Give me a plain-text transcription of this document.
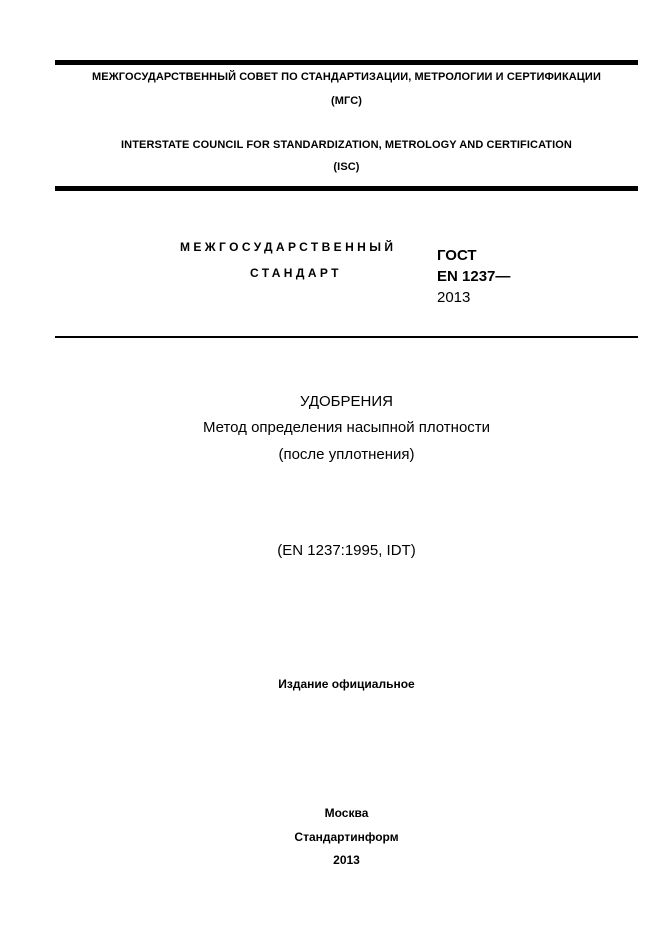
МЕЖГОСУДАРСТВЕННЫЙ СОВЕТ ПО СТАНДАРТИЗАЦИИ, МЕТРОЛОГИИ И СЕРТИФИКАЦИИ
(МГС)
INTERSTATE COUNCIL FOR STANDARDIZATION, METROLOGY AND CERTIFICATION
(ISC)
МЕЖГОСУДАРСТВЕННЫЙ
СТАНДАРТ
ГОСТ
EN 1237—
2013
УДОБРЕНИЯ
Метод определения насыпной плотности
(после уплотнения)
(EN 1237:1995, IDT)
Издание официальное
Москва
Стандартинформ
2013
